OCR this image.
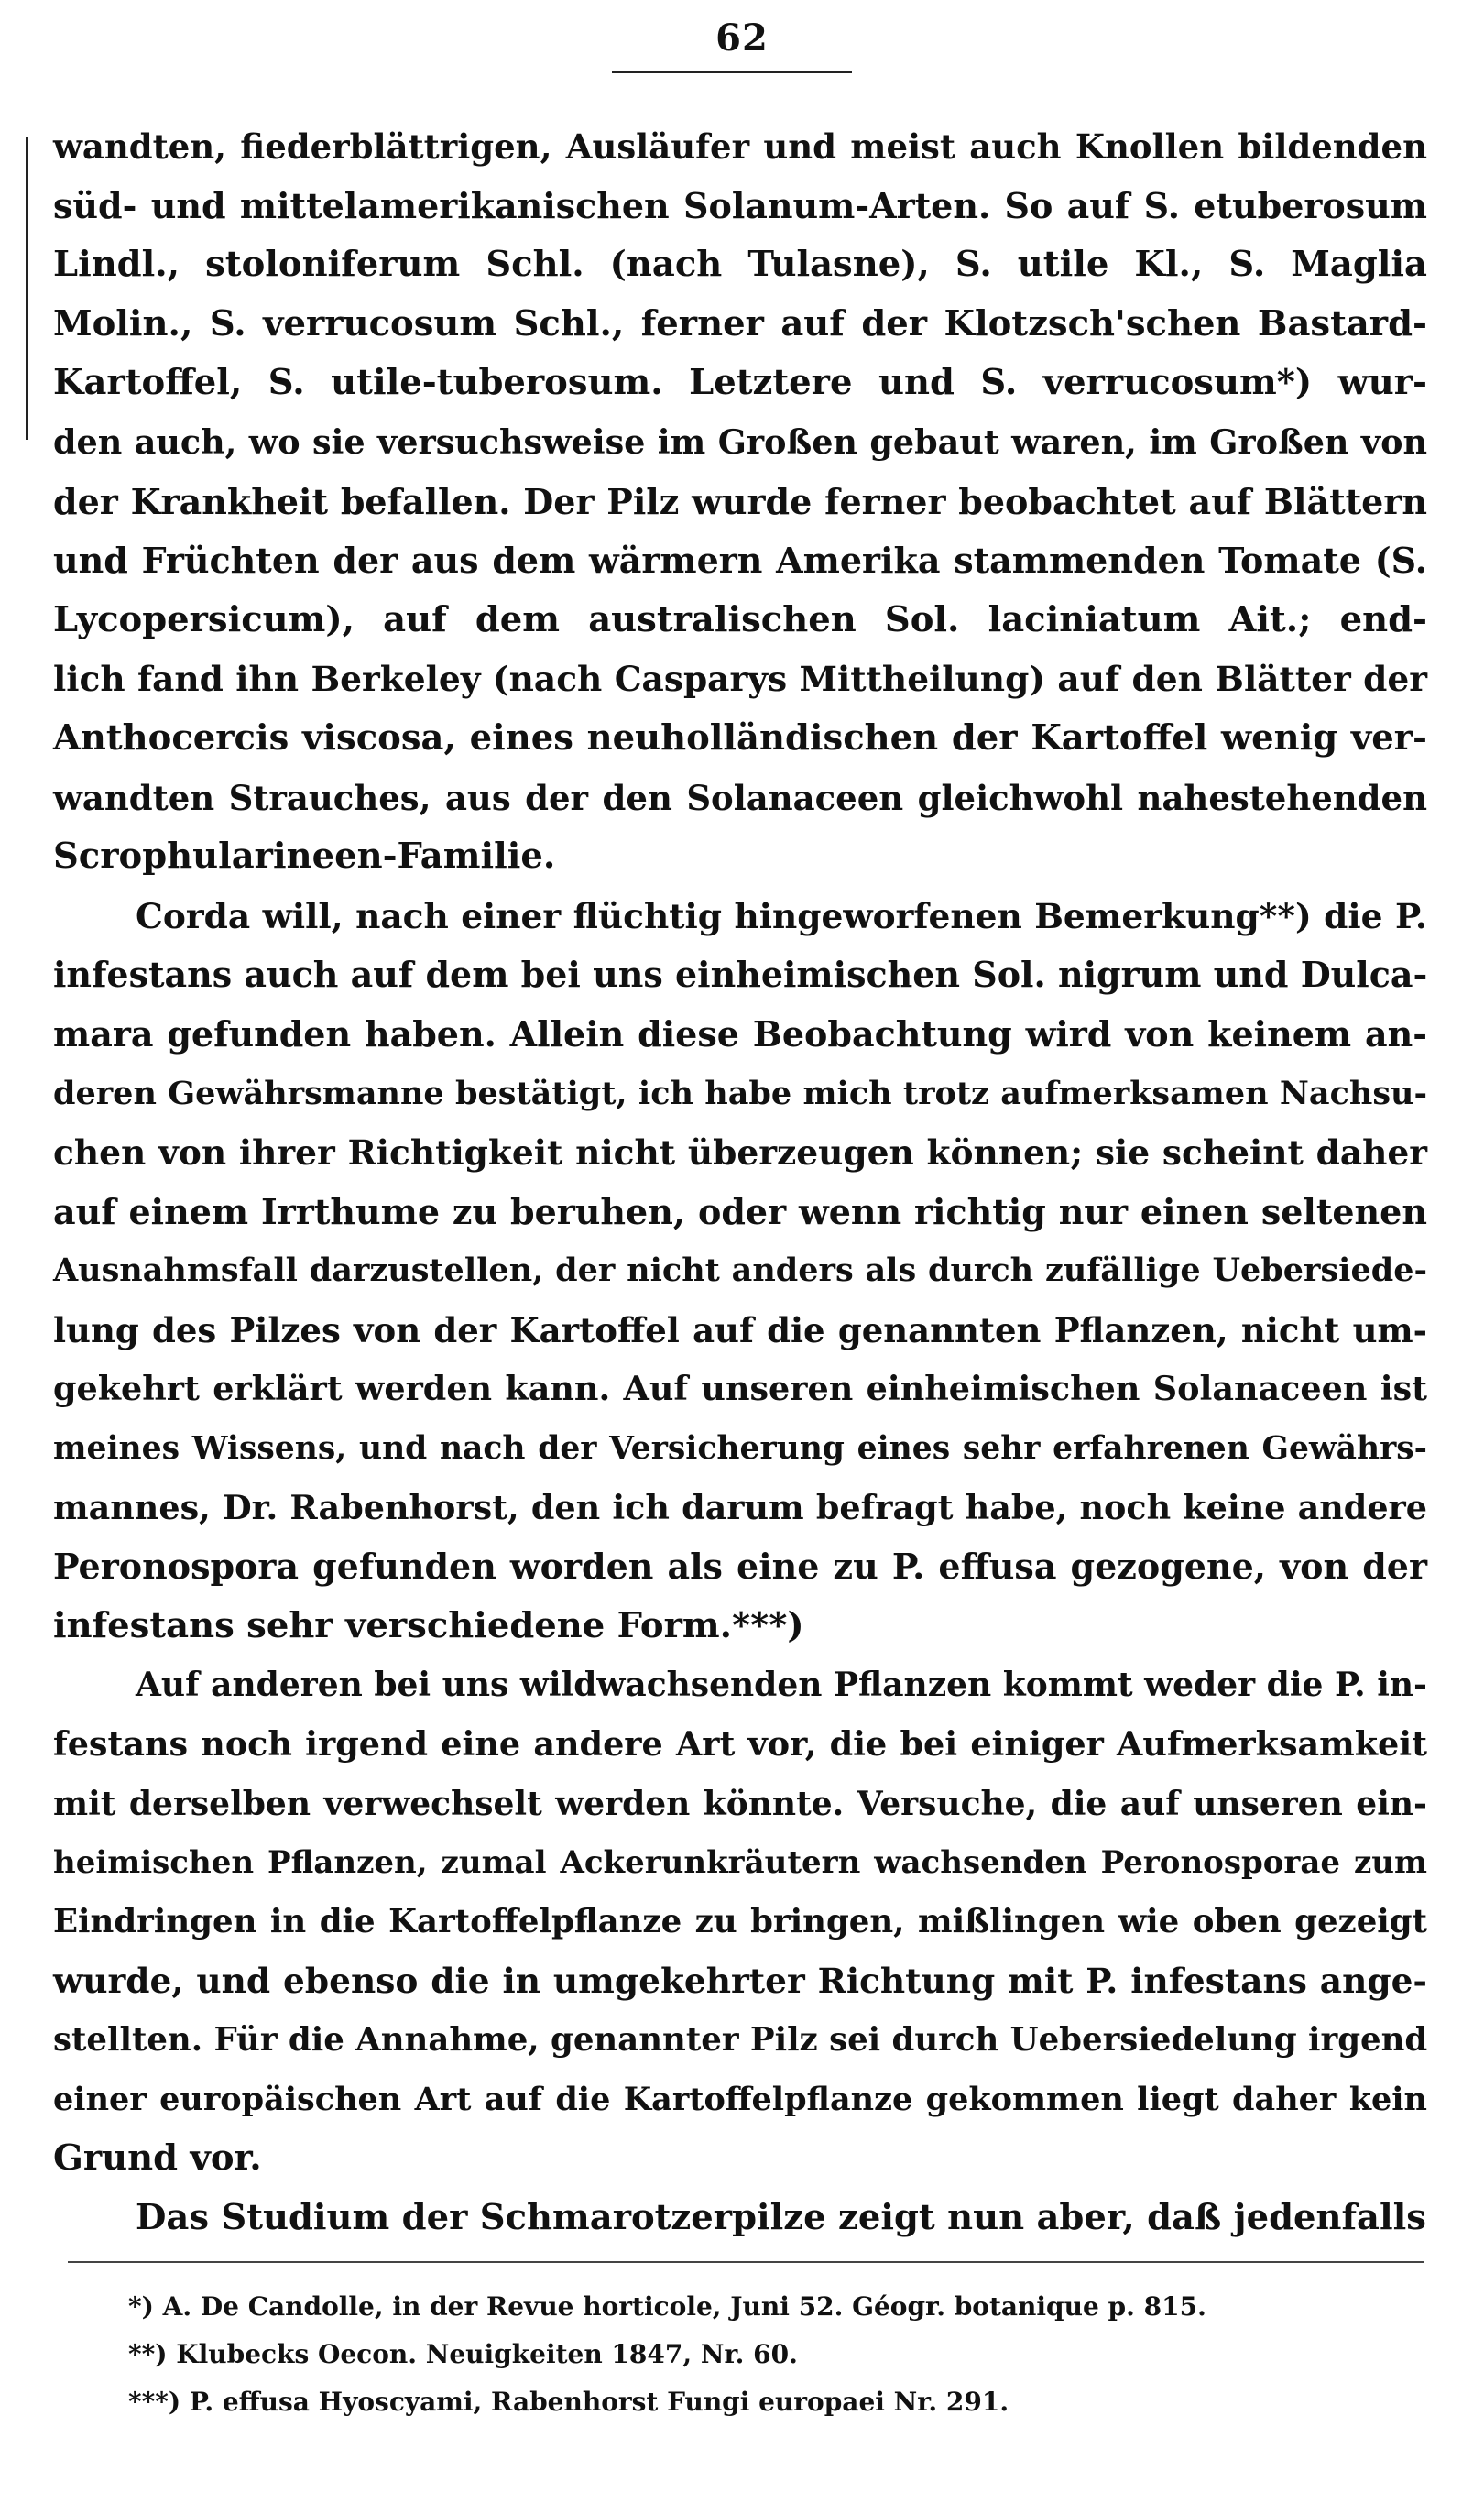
62

wandten, fiederblättrigen, Ausläufer und meist auch Knollen bildenden
süd- und mittelamerikanischen Solanum-Arten. So auf S. etuberosum
Lindl., stoloniferum Schl. (nach Tulasne), S. utile Kl., S. Maglia
Molin., S. verrucosum Schl., ferner auf der Klotzsch'schen Bastard-
Kartoffel, S. utile-tuberosum. Letztere und S. verrucosum*) wur-
den auch, wo sie versuchsweise im Großen gebaut waren, im Großen von
der Krankheit befallen. Der Pilz wurde ferner beobachtet auf Blättern
und Früchten der aus dem wärmern Amerika stammenden Tomate (S.
Lycopersicum), auf dem australischen Sol. laciniatum Ait.; end-
lich fand ihn Berkeley (nach Casparys Mittheilung) auf den Blätter der
Anthocercis viscosa, eines neuholländischen der Kartoffel wenig ver-
wandten Strauches, aus der den Solanaceen gleichwohl nahestehenden
Scrophularineen-Familie.

Corda will, nach einer flüchtig hingeworfenen Bemerkung**) die P.
infestans auch auf dem bei uns einheimischen Sol. nigrum und Dulca-
mara gefunden haben. Allein diese Beobachtung wird von keinem an-
deren Gewährsmanne bestätigt, ich habe mich trotz aufmerksamen Nachsu-
chen von ihrer Richtigkeit nicht überzeugen können; sie scheint daher
auf einem Irrthume zu beruhen, oder wenn richtig nur einen seltenen
Ausnahmsfall darzustellen, der nicht anders als durch zufällige Uebersiede-
lung des Pilzes von der Kartoffel auf die genannten Pflanzen, nicht um-
gekehrt erklärt werden kann. Auf unseren einheimischen Solanaceen ist
meines Wissens, und nach der Versicherung eines sehr erfahrenen Gewährs-
mannes, Dr. Rabenhorst, den ich darum befragt habe, noch keine andere
Peronospora gefunden worden als eine zu P. effusa gezogene, von der
infestans sehr verschiedene Form.***)

Auf anderen bei uns wildwachsenden Pflanzen kommt weder die P. in-
festans noch irgend eine andere Art vor, die bei einiger Aufmerksamkeit
mit derselben verwechselt werden könnte. Versuche, die auf unseren ein-
heimischen Pflanzen, zumal Ackerunkräutern wachsenden Peronosporae zum
Eindringen in die Kartoffelpflanze zu bringen, mißlingen wie oben gezeigt
wurde, und ebenso die in umgekehrter Richtung mit P. infestans ange-
stellten. Für die Annahme, genannter Pilz sei durch Uebersiedelung irgend
einer europäischen Art auf die Kartoffelpflanze gekommen liegt daher kein
Grund vor.

Das Studium der Schmarotzerpilze zeigt nun aber, daß jedenfalls

*) A. De Candolle, in der Revue horticole, Juni 52. Géogr. botanique p. 815.
**) Klubecks Oecon. Neuigkeiten 1847, Nr. 60.
***) P. effusa Hyoscyami, Rabenhorst Fungi europaei Nr. 291.
